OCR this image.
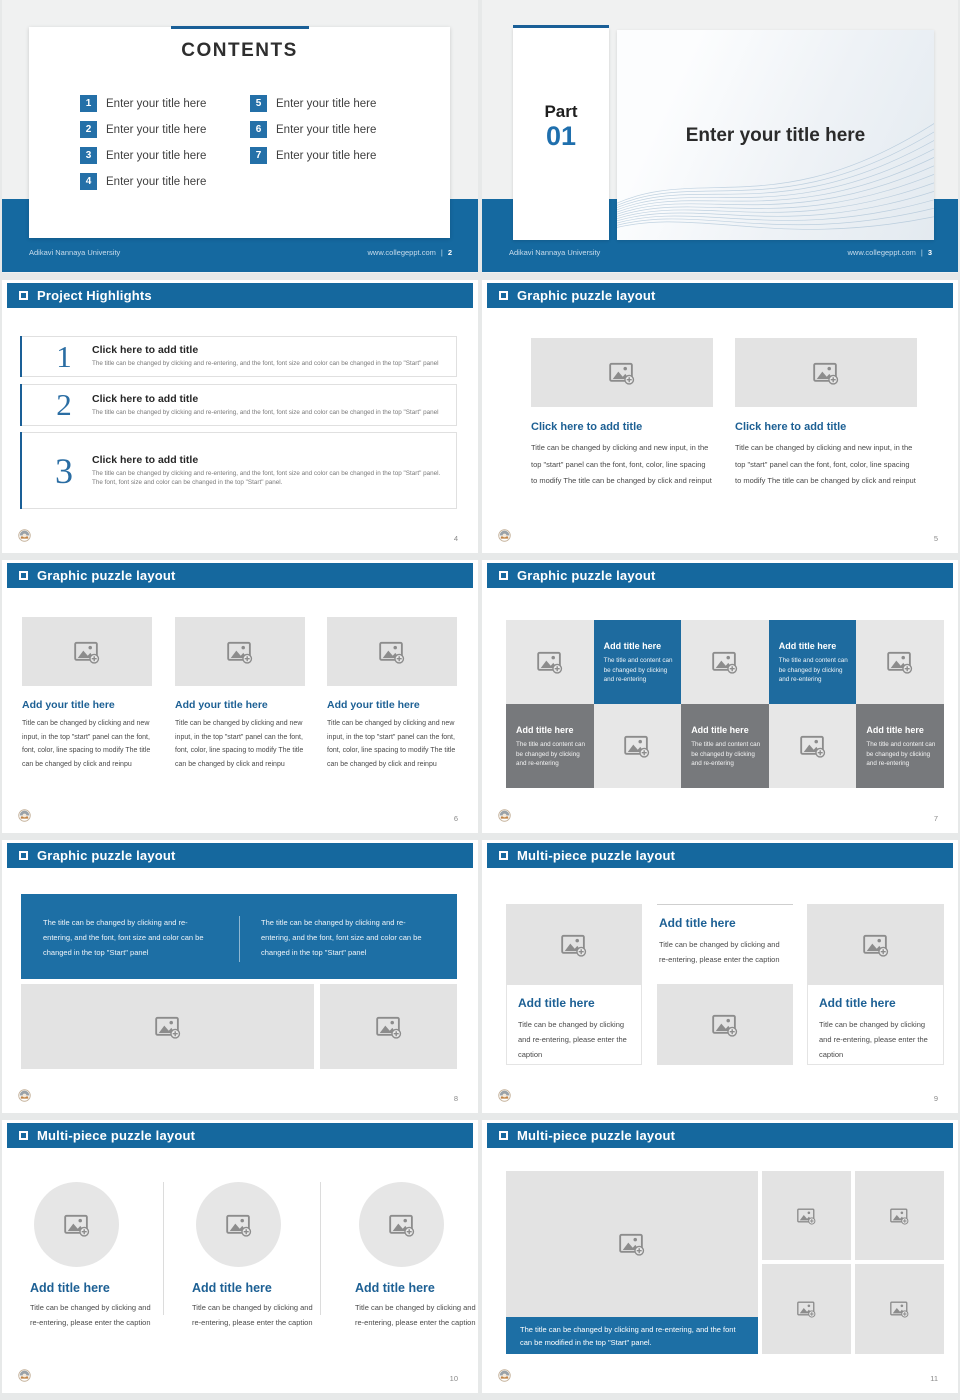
Adikavi Nannaya University	www.collegeppt.com | 2
CONTENTS
1	Enter your title here
2	Enter your title here
3	Enter your title here
4	Enter your title here
5	Enter your title here
6	Enter your title here
7	Enter your title here
Adikavi Nannaya University	www.collegeppt.com | 3
Enter your title here
Part
01
Project Highlights
1	Click here to add title
The title can be changed by clicking and re-entering, and the font, font size and color can be changed in the top "Start" panel
2	Click here to add title
The title can be changed by clicking and re-entering, and the font, font size and color can be changed in the top "Start" panel
3	Click here to add title
The title can be changed by clicking and re-entering, and the font, font size and color can be changed in the top "Start" panel. The font, font size and color can be changed in the top "Start" panel.
4
Graphic puzzle layout
Click here to add title
Title can be changed by clicking and new input, in the top "start" panel can the font, font, color, line spacing to modify The title can be changed by click and reinput
Click here to add title
Title can be changed by clicking and new input, in the top "start" panel can the font, font, color, line spacing to modify The title can be changed by click and reinput
5
Graphic puzzle layout
Add your title here
Title can be changed by clicking and new input, in the top "start" panel can the font, font, color, line spacing to modify The title can be changed by click and reinpu
Add your title here
Title can be changed by clicking and new input, in the top "start" panel can the font, font, color, line spacing to modify The title can be changed by click and reinpu
Add your title here
Title can be changed by clicking and new input, in the top "start" panel can the font, font, color, line spacing to modify The title can be changed by click and reinpu
6
Graphic puzzle layout
Add title here
The title and content can be changed by clicking and re-entering
Add title here
The title and content can be changed by clicking and re-entering
Add title here
The title and content can be changed by clicking and re-entering
Add title here
The title and content can be changed by clicking and re-entering
Add title here
The title and content can be changed by clicking and re-entering
7
Graphic puzzle layout
The title can be changed by clicking and re-entering, and the font, font size and color can be changed in the top "Start" panel
The title can be changed by clicking and re-entering, and the font, font size and color can be changed in the top "Start" panel
8
Multi-piece puzzle layout
Add title here
Title can be changed by clicking and re-entering, please enter the caption
Add title here
Title can be changed by clicking and re-entering, please enter the caption
Add title here
Title can be changed by clicking and re-entering, please enter the caption
9
Multi-piece puzzle layout
Add title here
Title can be changed by clicking and re-entering, please enter the caption
Add title here
Title can be changed by clicking and re-entering, please enter the caption
Add title here
Title can be changed by clicking and re-entering, please enter the caption
10
Multi-piece puzzle layout
The title can be changed by clicking and re-entering, and the font can be modified in the top "Start" panel.
11
